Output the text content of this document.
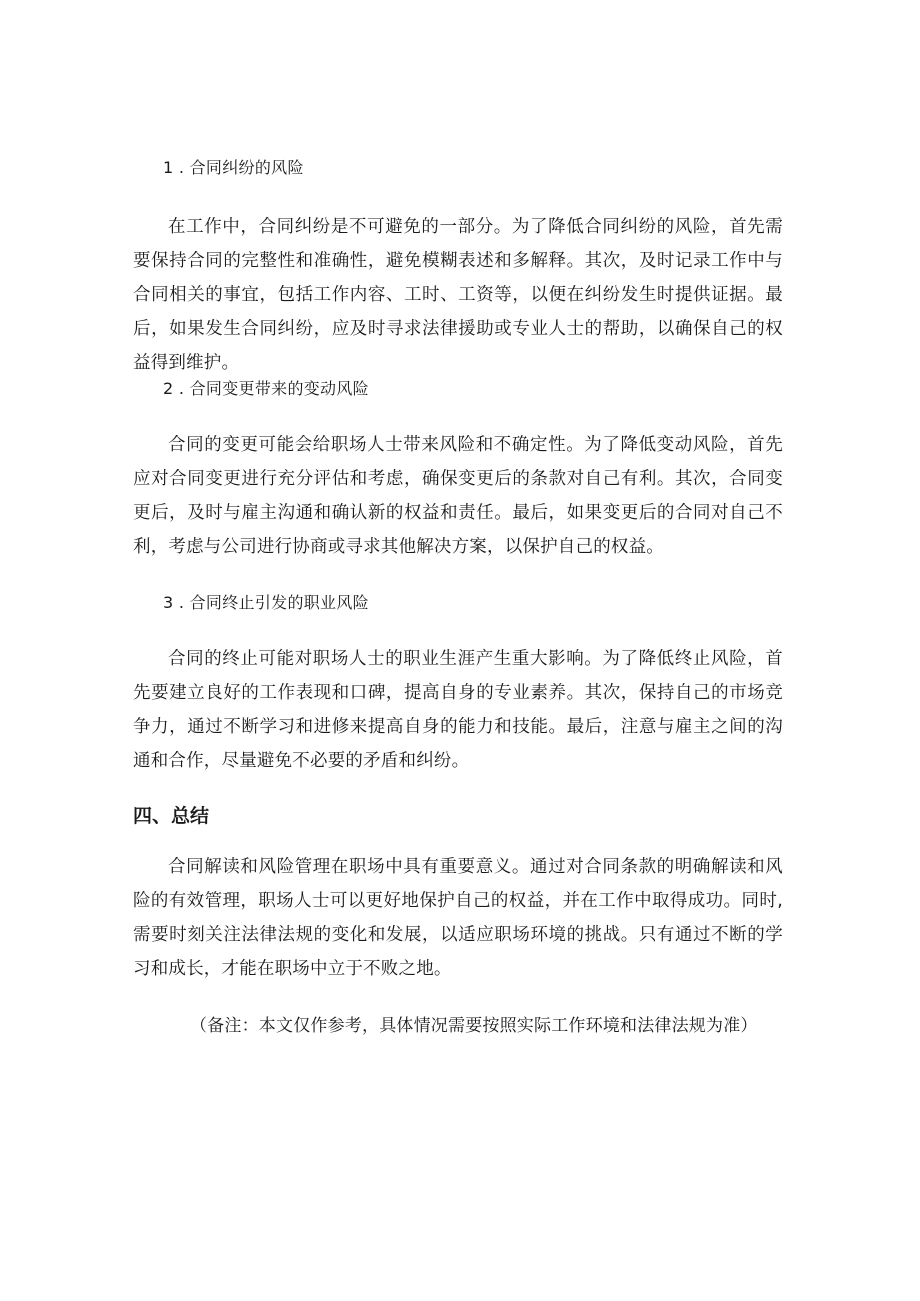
1 . 合同纠纷的风险

在工作中，合同纠纷是不可避免的一部分。为了降低合同纠纷的风险，首先需要保持合同的完整性和准确性，避免模糊表述和多解释。其次，及时记录工作中与合同相关的事宜，包括工作内容、工时、工资等，以便在纠纷发生时提供证据。最后，如果发生合同纠纷，应及时寻求法律援助或专业人士的帮助，以确保自己的权益得到维护。

2 . 合同变更带来的变动风险

合同的变更可能会给职场人士带来风险和不确定性。为了降低变动风险，首先应对合同变更进行充分评估和考虑，确保变更后的条款对自己有利。其次，合同变更后，及时与雇主沟通和确认新的权益和责任。最后，如果变更后的合同对自己不利，考虑与公司进行协商或寻求其他解决方案，以保护自己的权益。

3 . 合同终止引发的职业风险

合同的终止可能对职场人士的职业生涯产生重大影响。为了降低终止风险，首先要建立良好的工作表现和口碑，提高自身的专业素养。其次，保持自己的市场竞争力，通过不断学习和进修来提高自身的能力和技能。最后，注意与雇主之间的沟通和合作，尽量避免不必要的矛盾和纠纷。

四、总结

合同解读和风险管理在职场中具有重要意义。通过对合同条款的明确解读和风险的有效管理，职场人士可以更好地保护自己的权益，并在工作中取得成功。同时,需要时刻关注法律法规的变化和发展，以适应职场环境的挑战。只有通过不断的学习和成长，才能在职场中立于不败之地。

（备注：本文仅作参考，具体情况需要按照实际工作环境和法律法规为准）
